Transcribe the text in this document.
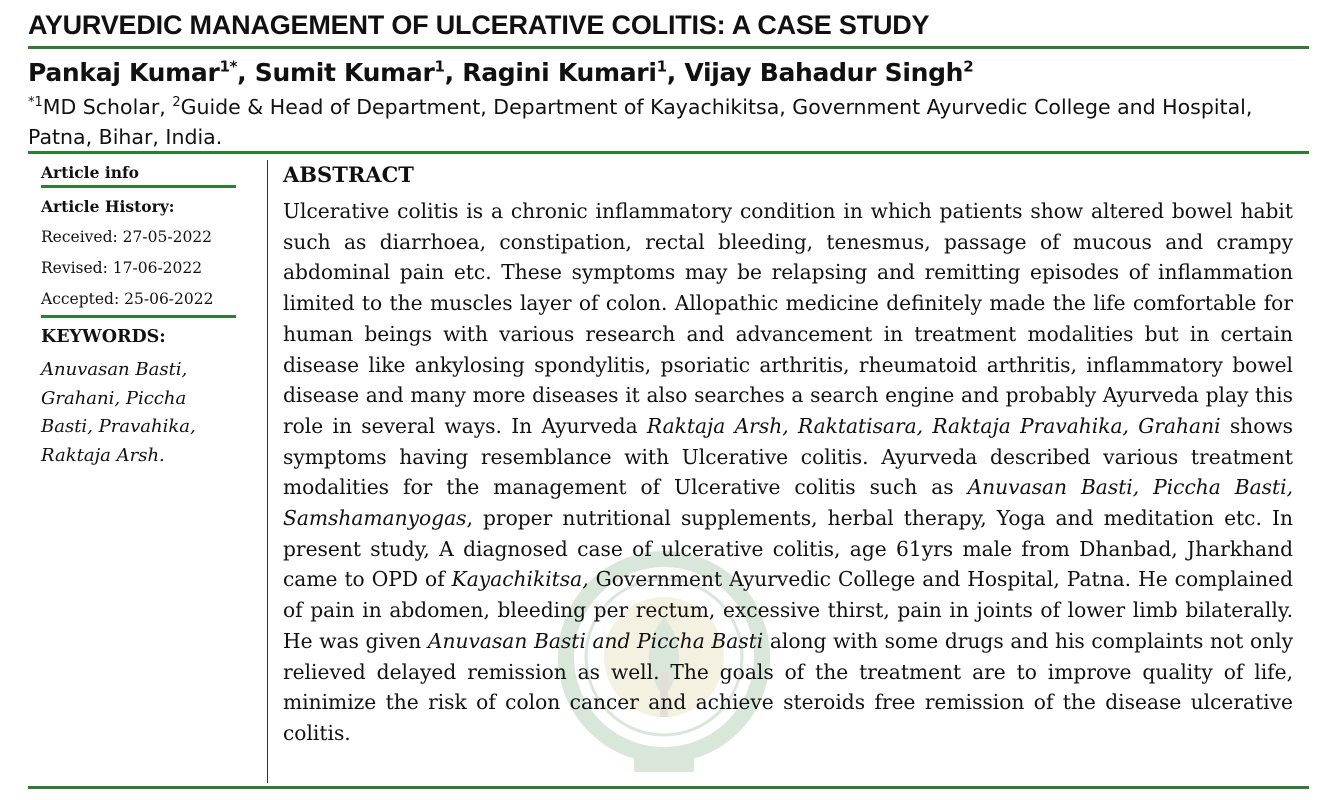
AYURVEDIC MANAGEMENT OF ULCERATIVE COLITIS: A CASE STUDY
Pankaj Kumar$^{1*}$, Sumit Kumar$^1$, Ragini Kumari$^1$, Vijay Bahadur Singh$^2$
$^{*1}$MD Scholar, $^2$Guide & Head of Department, Department of Kayachikitsa, Government Ayurvedic College and Hospital, Patna, Bihar, India.
Article info
Article History:
Received: 27-05-2022
Revised: 17-06-2022
Accepted: 25-06-2022
KEYWORDS:
Anuvasan Basti, Grahani, Piccha Basti, Pravahika, Raktaja Arsh.
ABSTRACT
Ulcerative colitis is a chronic inflammatory condition in which patients show altered bowel habit such as diarrhoea, constipation, rectal bleeding, tenesmus, passage of mucous and crampy abdominal pain etc. These symptoms may be relapsing and remitting episodes of inflammation limited to the muscles layer of colon. Allopathic medicine definitely made the life comfortable for human beings with various research and advancement in treatment modalities but in certain disease like ankylosing spondylitis, psoriatic arthritis, rheumatoid arthritis, inflammatory bowel disease and many more diseases it also searches a search engine and probably Ayurveda play this role in several ways. In Ayurveda Raktaja Arsh, Raktatisara, Raktaja Pravahika, Grahani shows symptoms having resemblance with Ulcerative colitis. Ayurveda described various treatment modalities for the management of Ulcerative colitis such as Anuvasan Basti, Piccha Basti, Samshamanyogas, proper nutritional supplements, herbal therapy, Yoga and meditation etc. In present study, A diagnosed case of ulcerative colitis, age 61yrs male from Dhanbad, Jharkhand came to OPD of Kayachikitsa, Government Ayurvedic College and Hospital, Patna. He complained of pain in abdomen, bleeding per rectum, excessive thirst, pain in joints of lower limb bilaterally. He was given Anuvasan Basti and Piccha Basti along with some drugs and his complaints not only relieved delayed remission as well. The goals of the treatment are to improve quality of life, minimize the risk of colon cancer and achieve steroids free remission of the disease ulcerative colitis.
